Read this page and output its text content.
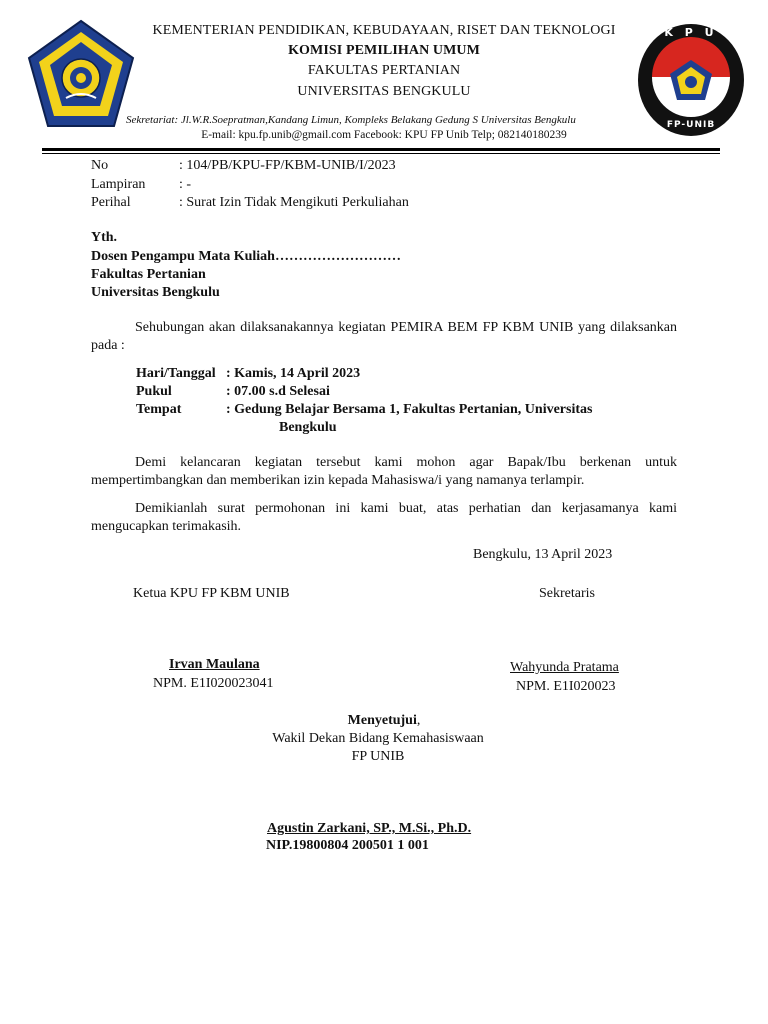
K P U
FP-UNIB
KEMENTERIAN PENDIDIKAN, KEBUDAYAAN, RISET DAN TEKNOLOGI
KOMISI PEMILIHAN UMUM
FAKULTAS PERTANIAN
UNIVERSITAS BENGKULU
Sekretariat: Jl.W.R.Soepratman,Kandang Limun, Kompleks Belakang Gedung S Universitas Bengkulu
E-mail: kpu.fp.unib@gmail.com Facebook: KPU FP Unib Telp; 082140180239
No	: 104/PB/KPU-FP/KBM-UNIB/I/2023
Lampiran : -
Perihal	: Surat Izin Tidak Mengikuti Perkuliahan
Yth.
Dosen Pengampu Mata Kuliah………………………
Fakultas Pertanian
Universitas Bengkulu
Sehubungan akan dilaksanakannya kegiatan PEMIRA BEM FP KBM UNIB yang dilaksankan pada :
Hari/Tanggal : Kamis, 14 April 2023
Pukul	: 07.00 s.d Selesai
Tempat	: Gedung Belajar Bersama 1, Fakultas Pertanian, Universitas
Bengkulu
Demi kelancaran kegiatan tersebut kami mohon agar Bapak/Ibu berkenan untuk mempertimbangkan dan memberikan izin kepada Mahasiswa/i yang namanya terlampir.
Demikianlah surat permohonan ini kami buat, atas perhatian dan kerjasamanya kami mengucapkan terimakasih.
Bengkulu, 13 April 2023
Ketua KPU FP KBM UNIB	Sekretaris
Irvan Maulana
NPM. E1I020023041
Wahyunda Pratama
NPM. E1I020023
Menyetujui,
Wakil Dekan Bidang Kemahasiswaan
FP UNIB
Agustin Zarkani, SP., M.Si., Ph.D.
NIP.19800804 200501 1 001
